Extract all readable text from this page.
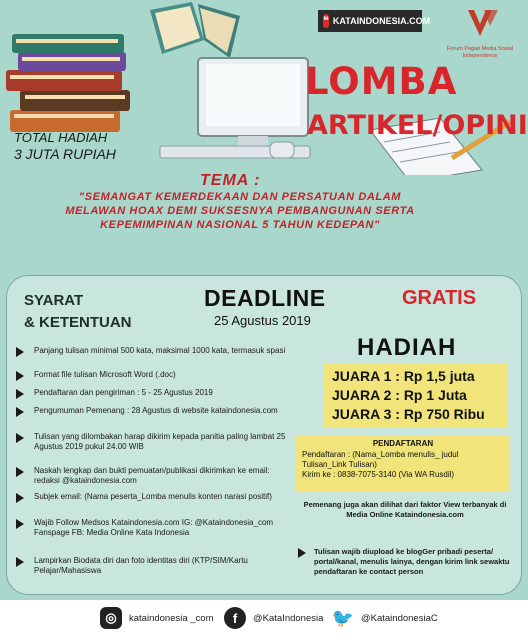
❝ KATAINDONESIA.COM
Forum Pegiat Media Sosial Independence
LOMBA
ARTIKEL/OPINI
TOTAL HADIAH
3 JUTA RUPIAH
TEMA :
"SEMANGAT KEMERDEKAAN DAN PERSATUAN DALAM MELAWAN HOAX DEMI SUKSESNYA PEMBANGUNAN SERTA KEPEMIMPINAN NASIONAL 5 TAHUN KEDEPAN"
SYARAT
& KETENTUAN
DEADLINE
25 Agustus 2019
GRATIS
HADIAH
JUARA 1 : Rp 1,5 juta
JUARA 2 : Rp 1 Juta
JUARA 3 : Rp 750 Ribu
Panjang tulisan minimal 500 kata, maksimal 1000 kata, termasuk spasi
Format file tulisan Microsoft Word (.doc)
Pendaftaran dan pengiriman : 5 - 25 Agustus 2019
Pengumuman Pemenang : 28 Agustus di website kataindonesia.com
Tulisan yang dilombakan harap dikirim kepada panitia paling lambat 25 Agustus 2019 pukul 24.00 WIB
Naskah lengkap dan bukti pemuatan/publikasi dikirimkan ke email: redaksi @kataindonesia.com
Subjek email: (Nama peserta_Lomba menulis konten narasi positif)
Wajib Follow Medsos Kataindonesia.com IG: @Kataindonesia_com Fanspage FB: Media Online Kata Indonesia
Lampirkan Biodata diri dan foto identitas diri (KTP/SIM/Kartu Pelajar/Mahasiswa
PENDAFTARAN
Pendaftaran : (Nama_Lomba menulis_ judul Tulisan_Link Tulisan)
Kirim ke : 0838-7075-3140 (Via WA Rusdil)
Pemenang juga akan dilihat dari faktor View terbanyak di Media Online Kataindonesia.com
Tulisan wajib diupload ke blogGer pribadi peserta/ portal/kanal, menulis lainya, dengan kirim link sewaktu pendaftaran ke contact person
◎	kataindonesia _com	f	@KataIndonesia 🐦 @KataindonesiaC
